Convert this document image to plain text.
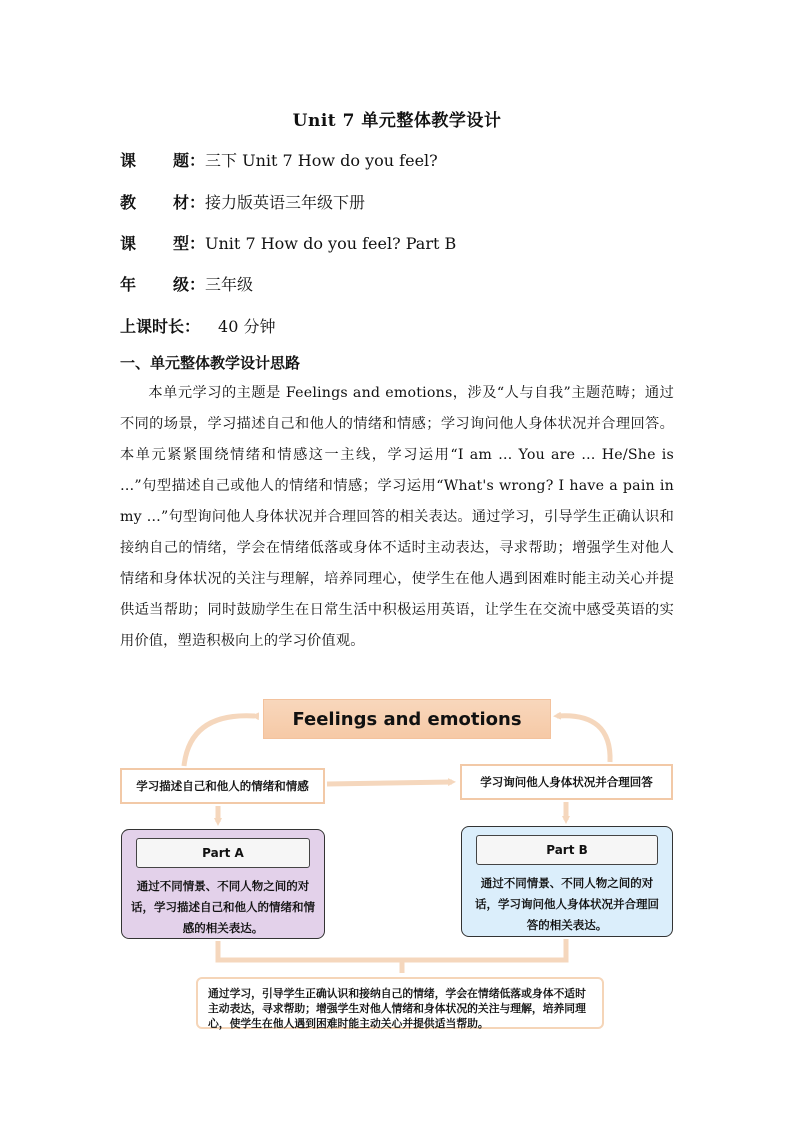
Unit 7 单元整体教学设计
课 题：三下 Unit 7 How do you feel?
教 材：接力版英语三年级下册
课 型：Unit 7 How do you feel? Part B
年 级：三年级
上课时长： 40 分钟
一、单元整体教学设计思路
本单元学习的主题是 Feelings and emotions，涉及“人与自我”主题范畴；通过不同的场景，学习描述自己和他人的情绪和情感；学习询问他人身体状况并合理回答。本单元紧紧围绕情绪和情感这一主线，学习运用“I am … You are … He/She is …”句型描述自己或他人的情绪和情感；学习运用“What's wrong? I have a pain in my …”句型询问他人身体状况并合理回答的相关表达。通过学习，引导学生正确认识和接纳自己的情绪，学会在情绪低落或身体不适时主动表达，寻求帮助；增强学生对他人情绪和身体状况的关注与理解，培养同理心，使学生在他人遇到困难时能主动关心并提供适当帮助；同时鼓励学生在日常生活中积极运用英语，让学生在交流中感受英语的实用价值，塑造积极向上的学习价值观。
Feelings and emotions
学习描述自己和他人的情绪和情感	学习询问他人身体状况并合理回答
Part A
通过不同情景、不同人物之间的对话，学习描述自己和他人的情绪和情感的相关表达。
Part B
通过不同情景、不同人物之间的对话，学习询问他人身体状况并合理回答的相关表达。
通过学习，引导学生正确认识和接纳自己的情绪，学会在情绪低落或身体不适时主动表达，寻求帮助；增强学生对他人情绪和身体状况的关注与理解，培养同理心，使学生在他人遇到困难时能主动关心并提供适当帮助。
